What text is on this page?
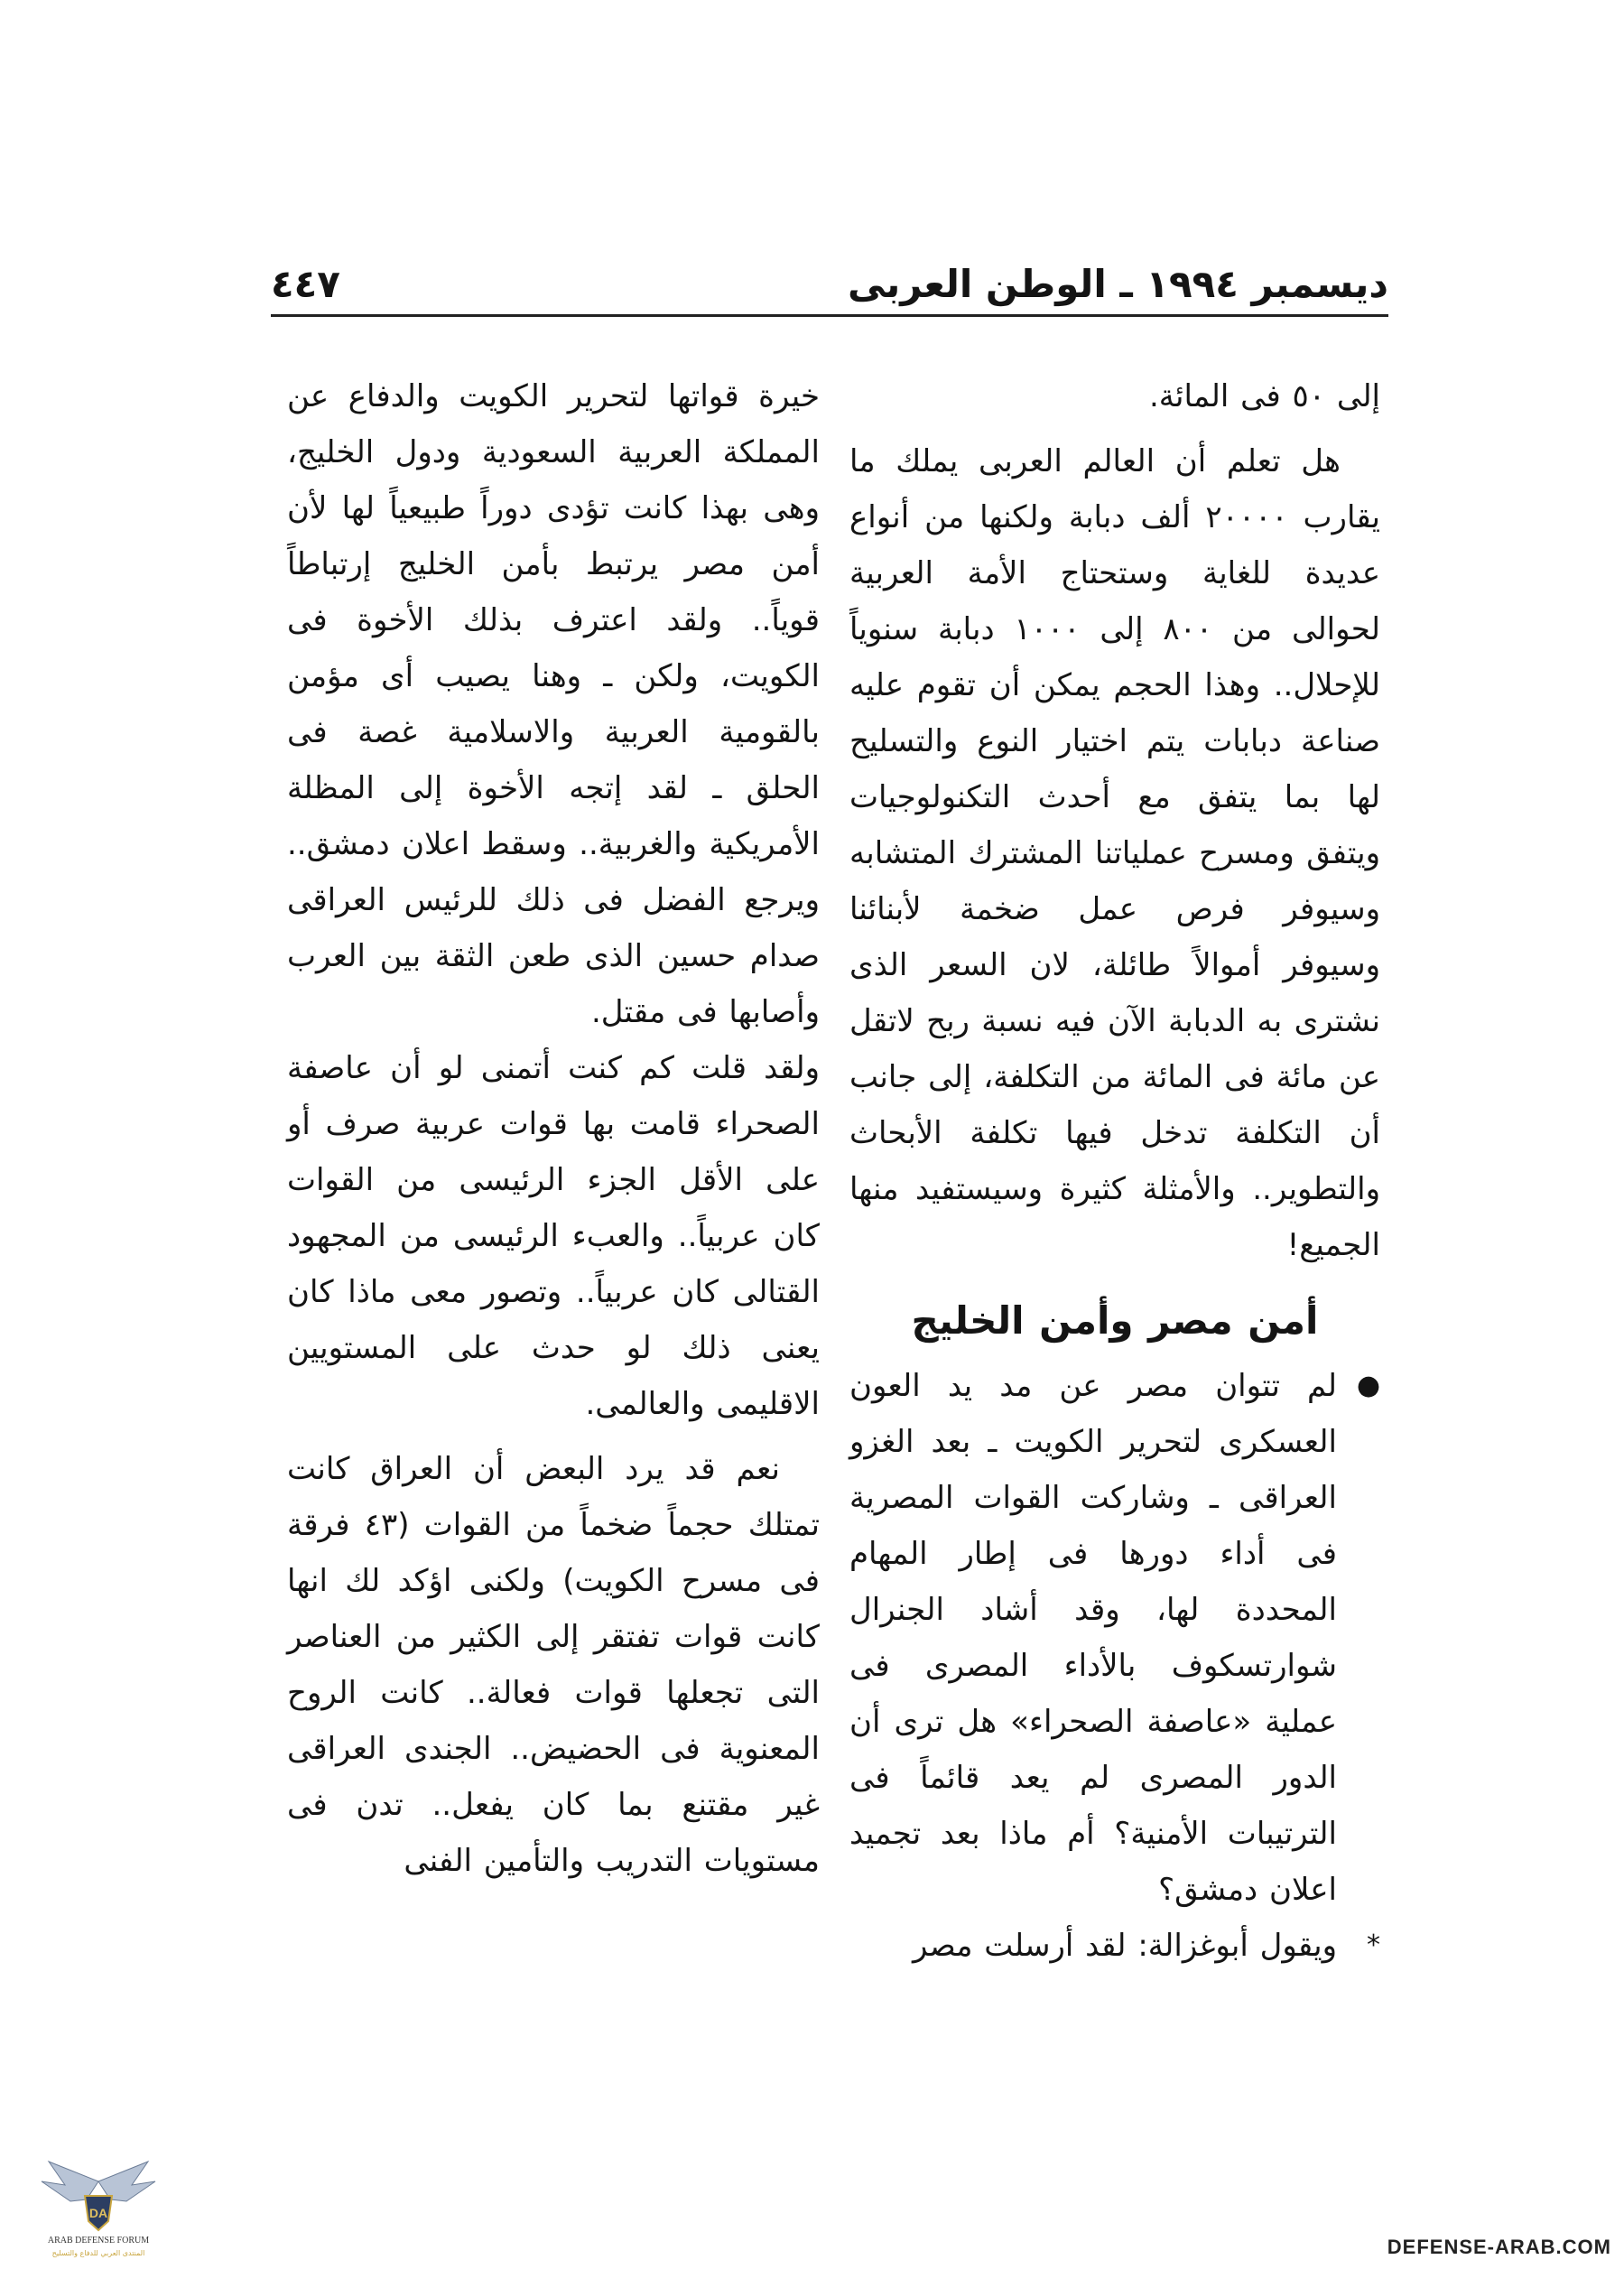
ديسمبر ١٩٩٤ ـ الوطن العربى
٤٤٧

إلى ٥٠ فى المائة.

هل تعلم أن العالم العربى يملك ما يقارب ٢٠٠٠٠ ألف دبابة ولكنها من أنواع عديدة للغاية وستحتاج الأمة العربية لحوالى من ٨٠٠ إلى ١٠٠٠ دبابة سنوياً للإحلال.. وهذا الحجم يمكن أن تقوم عليه صناعة دبابات يتم اختيار النوع والتسليح لها بما يتفق مع أحدث التكنولوجيات ويتفق ومسرح عملياتنا المشترك المتشابه وسيوفر فرص عمل ضخمة لأبنائنا وسيوفر أموالاً طائلة، لان السعر الذى نشترى به الدبابة الآن فيه نسبة ربح لاتقل عن مائة فى المائة من التكلفة، إلى جانب أن التكلفة تدخل فيها تكلفة الأبحاث والتطوير.. والأمثلة كثيرة وسيستفيد منها الجميع!

أمن مصر وأمن الخليج
●
لم تتوان مصر عن مد يد العون العسكرى لتحرير الكويت ـ بعد الغزو العراقى ـ وشاركت القوات المصرية فى أداء دورها فى إطار المهام المحددة لها، وقد أشاد الجنرال شوارتسكوف بالأداء المصرى فى عملية «عاصفة الصحراء» هل ترى أن الدور المصرى لم يعد قائماً فى الترتيبات الأمنية؟ أم ماذا بعد تجميد اعلان دمشق؟
*
ويقول أبوغزالة: لقد أرسلت مصر

خيرة قواتها لتحرير الكويت والدفاع عن المملكة العربية السعودية ودول الخليج، وهى بهذا كانت تؤدى دوراً طبيعياً لها لأن أمن مصر يرتبط بأمن الخليج إرتباطاً قوياً.. ولقد اعترف بذلك الأخوة فى الكويت، ولكن ـ وهنا يصيب أى مؤمن بالقومية العربية والاسلامية غصة فى الحلق ـ لقد إتجه الأخوة إلى المظلة الأمريكية والغربية.. وسقط اعلان دمشق.. ويرجع الفضل فى ذلك للرئيس العراقى صدام حسين الذى طعن الثقة بين العرب وأصابها فى مقتل.

ولقد قلت كم كنت أتمنى لو أن عاصفة الصحراء قامت بها قوات عربية صرف أو على الأقل الجزء الرئيسى من القوات كان عربياً.. والعبء الرئيسى من المجهود القتالى كان عربياً.. وتصور معى ماذا كان يعنى ذلك لو حدث على المستويين الاقليمى والعالمى.

نعم قد يرد البعض أن العراق كانت تمتلك حجماً ضخماً من القوات (٤٣ فرقة فى مسرح الكويت) ولكنى اؤكد لك انها كانت قوات تفتقر إلى الكثير من العناصر التى تجعلها قوات فعالة.. كانت الروح المعنوية فى الحضيض.. الجندى العراقى غير مقتنع بما كان يفعل.. تدن فى مستويات التدريب والتأمين الفنى

DA
ARAB DEFENSE FORUM
المنتدى العربي للدفاع والتسليح	DEFENSE-ARAB.COM
